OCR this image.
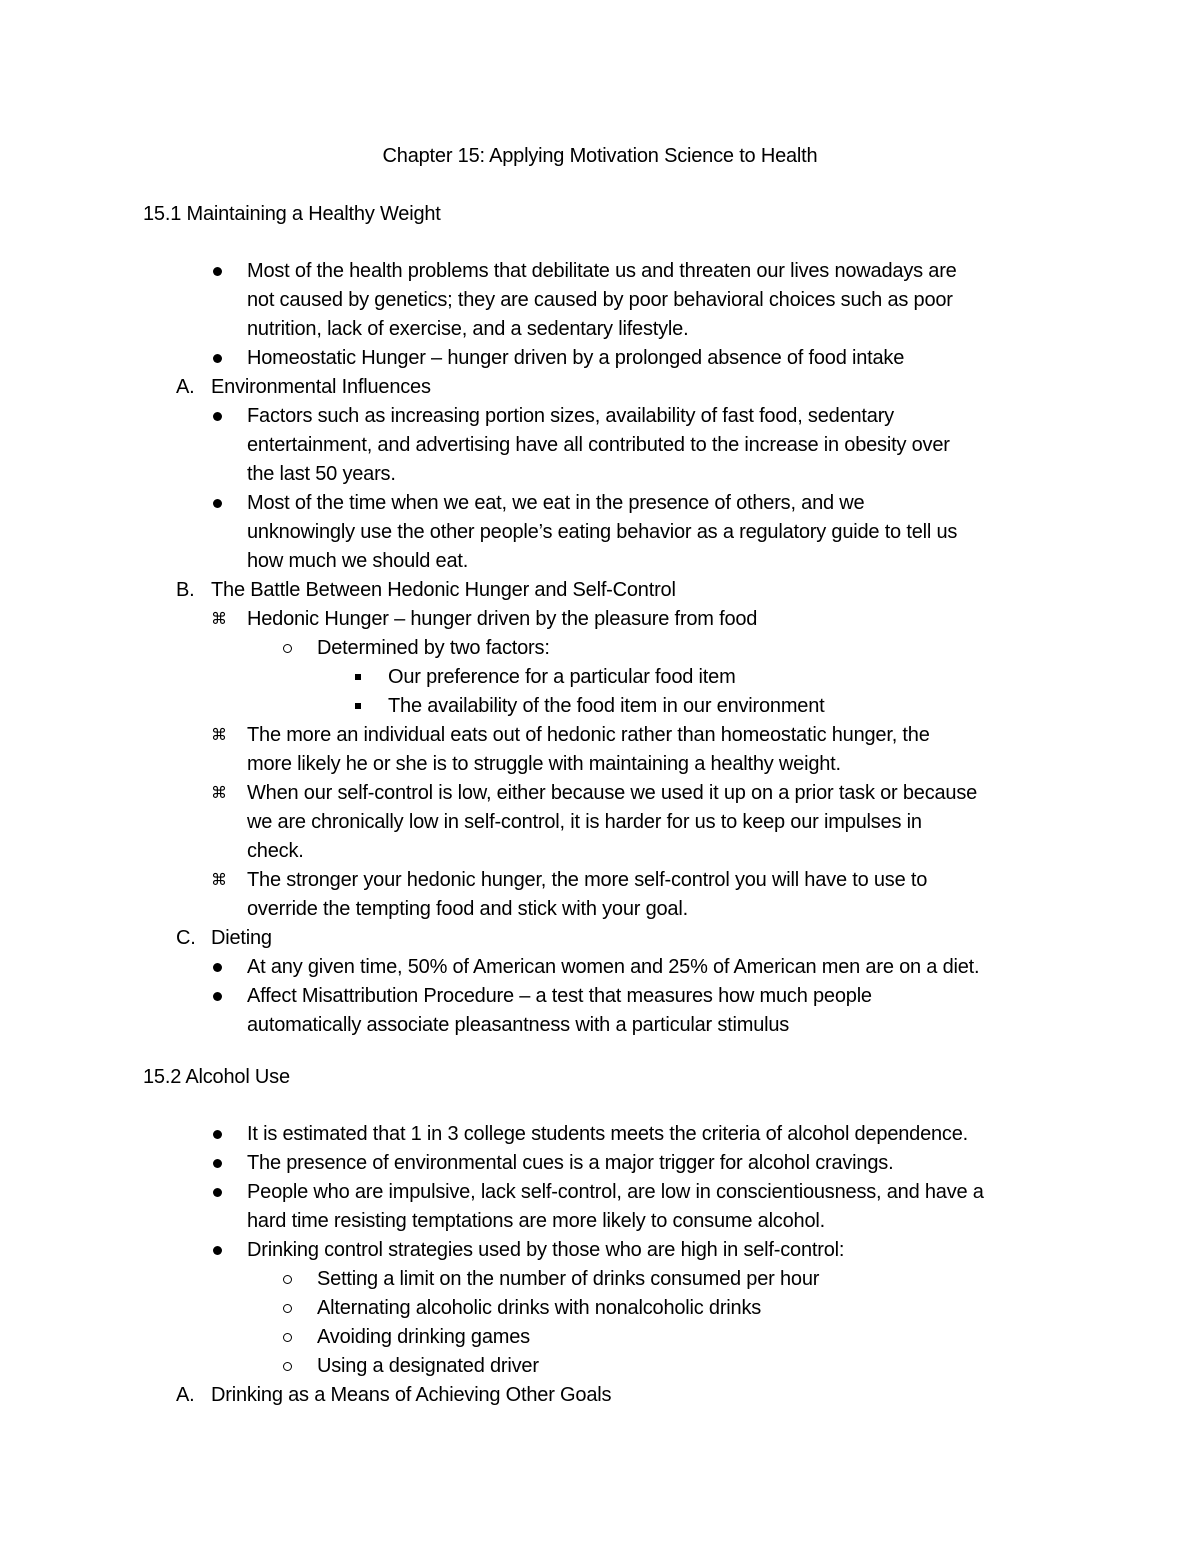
Chapter 15: Applying Motivation Science to Health
15.1 Maintaining a Healthy Weight
Most of the health problems that debilitate us and threaten our lives nowadays are
not caused by genetics; they are caused by poor behavioral choices such as poor
nutrition, lack of exercise, and a sedentary lifestyle.
Homeostatic Hunger – hunger driven by a prolonged absence of food intake
A. Environmental Influences
Factors such as increasing portion sizes, availability of fast food, sedentary
entertainment, and advertising have all contributed to the increase in obesity over
the last 50 years.
Most of the time when we eat, we eat in the presence of others, and we
unknowingly use the other people’s eating behavior as a regulatory guide to tell us
how much we should eat.
B. The Battle Between Hedonic Hunger and Self-Control
⌘ Hedonic Hunger – hunger driven by the pleasure from food
Determined by two factors:
Our preference for a particular food item
The availability of the food item in our environment
⌘ The more an individual eats out of hedonic rather than homeostatic hunger, the
more likely he or she is to struggle with maintaining a healthy weight.
⌘ When our self-control is low, either because we used it up on a prior task or because
we are chronically low in self-control, it is harder for us to keep our impulses in
check.
⌘ The stronger your hedonic hunger, the more self-control you will have to use to
override the tempting food and stick with your goal.
C. Dieting
At any given time, 50% of American women and 25% of American men are on a diet.
Affect Misattribution Procedure – a test that measures how much people
automatically associate pleasantness with a particular stimulus
15.2 Alcohol Use
It is estimated that 1 in 3 college students meets the criteria of alcohol dependence.
The presence of environmental cues is a major trigger for alcohol cravings.
People who are impulsive, lack self-control, are low in conscientiousness, and have a
hard time resisting temptations are more likely to consume alcohol.
Drinking control strategies used by those who are high in self-control:
Setting a limit on the number of drinks consumed per hour
Alternating alcoholic drinks with nonalcoholic drinks
Avoiding drinking games
Using a designated driver
A. Drinking as a Means of Achieving Other Goals
